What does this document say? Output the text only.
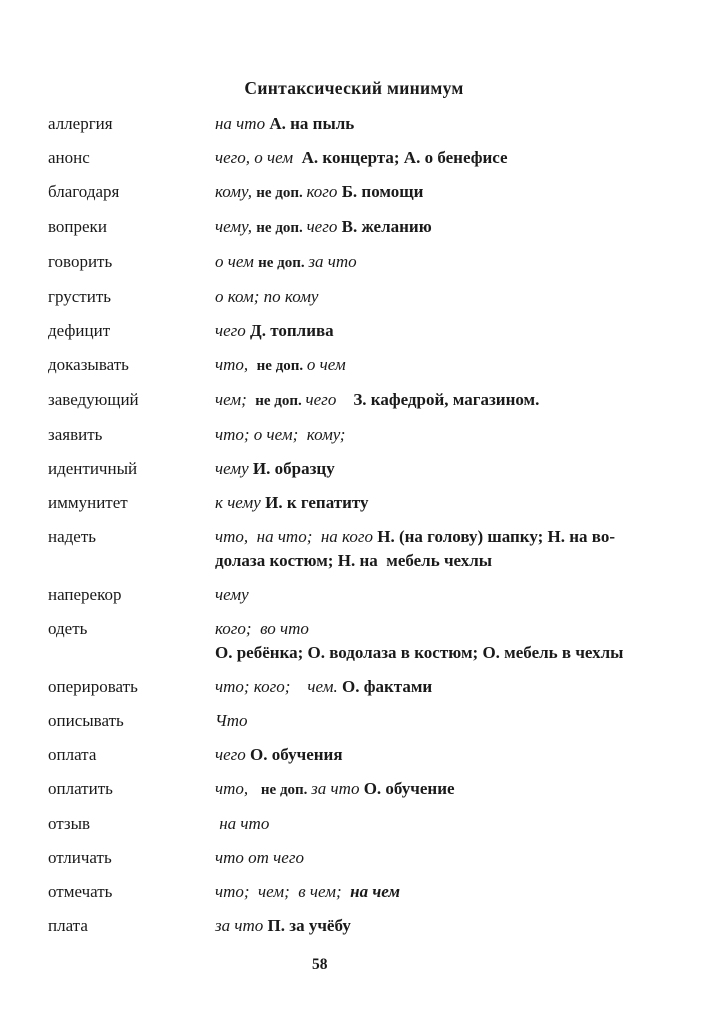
Синтаксический минимум
аллергия	на что А. на пыль
анонс	чего, о чем  А. концерта; А. о бенефисе
благодаря	кому, не доп. кого Б. помощи
вопреки	чему, не доп. чего В. желанию
говорить	о чем не доп. за что
грустить	о ком; по кому
дефицит	чего Д. топлива
доказывать	что,  не доп. о чем
заведующий	чем;  не доп. чего    З. кафедрой, магазином.
заявить	что; о чем;  кому;
идентичный	чему И. образцу
иммунитет	к чему И. к гепатиту
надеть	что,  на что;  на кого Н. (на голову) шапку; Н. на во-
долаза костюм; Н. на  мебель чехлы
наперекор	чему
одеть	кого;  во что
О. ребёнка; О. водолаза в костюм; О. мебель в чехлы
оперировать	что; кого;    чем. О. фактами
описывать	Что
оплата	чего О. обучения
оплатить	что,   не доп. за что О. обучение
отзыв	на что
отличать	что от чего
отмечать	что;  чем;  в чем;  на чем
плата	за что П. за учёбу
58
